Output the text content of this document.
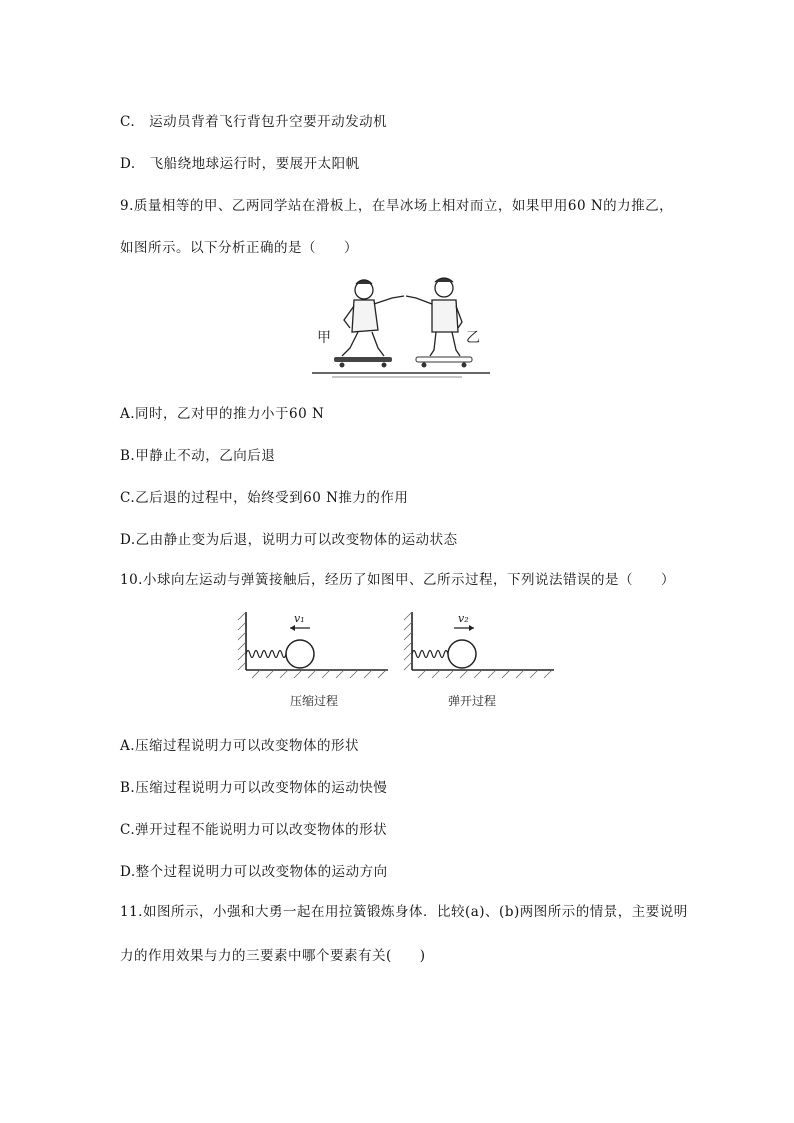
C.　运动员背着飞行背包升空要开动发动机
D.　飞船绕地球运行时，要展开太阳帆
9.质量相等的甲、乙两同学站在滑板上，在旱冰场上相对而立，如果甲用60 N的力推乙，
如图所示。以下分析正确的是（　　）
甲	乙
A.同时，乙对甲的推力小于60 N
B.甲静止不动，乙向后退
C.乙后退的过程中，始终受到60 N推力的作用
D.乙由静止变为后退，说明力可以改变物体的运动状态
10.小球向左运动与弹簧接触后，经历了如图甲、乙所示过程，下列说法错误的是（　　）
v₁
压缩过程
v₂
弹开过程
A.压缩过程说明力可以改变物体的形状
B.压缩过程说明力可以改变物体的运动快慢
C.弹开过程不能说明力可以改变物体的形状
D.整个过程说明力可以改变物体的运动方向
11.如图所示，小强和大勇一起在用拉簧锻炼身体．比较(a)、(b)两图所示的情景，主要说明
力的作用效果与力的三要素中哪个要素有关(　　)
